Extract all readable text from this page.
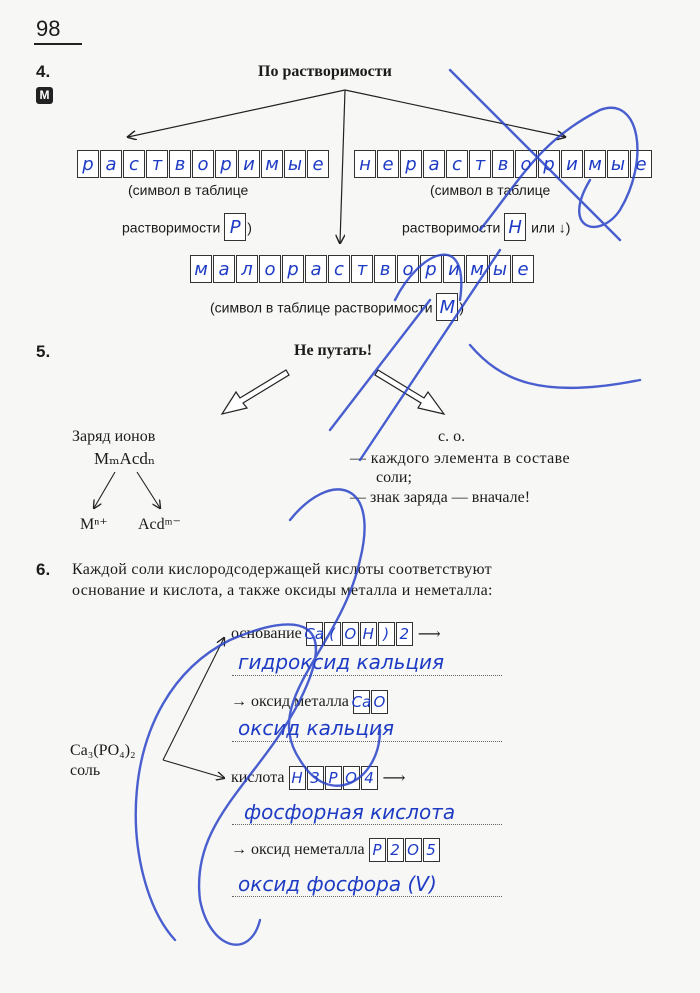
98
4.
М
По растворимости
р а с т в о р и м ы е
(символ в таблице
растворимости Р )
н е р а с т в о р и м ы е
(символ в таблице
растворимости Н или ↓)
м а л о р а с т в о р и м ы е
(символ в таблице растворимости М )
5.	Не путать!
Заряд ионов
MₘAcdₙ
Mⁿ⁺ Acdᵐ⁻
с. о.
— каждого элемента в составе
соли;
— знак заряда — вначале!
6. Каждой соли кислородсодержащей кислоты соответствуют
основание и кислота, а также оксиды металла и неметалла:
Ca₃(PO₄)₂
соль
основание Ca ( O H ) 2 ⟶
гидроксид кальция
→ оксид металла Ca O
оксид кальция
кислота H 3 P O 4 ⟶
фосфорная кислота
→ оксид неметалла P 2 O 5
оксид фосфора (V)
